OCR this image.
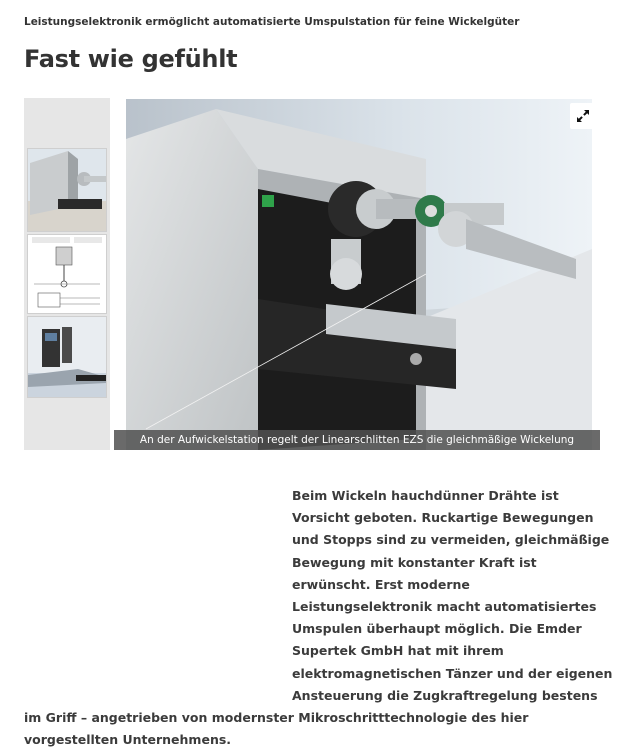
Leistungselektronik ermöglicht automatisierte Umspulstation für feine Wickelgüter
Fast wie gefühlt
An der Aufwickelstation regelt der Linearschlitten EZS die gleichmäßige Wickelung
Beim Wickeln hauchdünner Drähte ist Vorsicht geboten. Ruckartige Bewegungen und Stopps sind zu vermeiden, gleichmäßige Bewegung mit konstanter Kraft ist erwünscht. Erst moderne Leistungselektronik macht automatisiertes Umspulen überhaupt möglich. Die Emder Supertek GmbH hat mit ihrem elektromagnetischen Tänzer und der eigenen Ansteuerung die Zugkraftregelung bestens im Griff – angetrieben von modernster Mikroschritttechnologie des hier vorgestellten Unternehmens.
